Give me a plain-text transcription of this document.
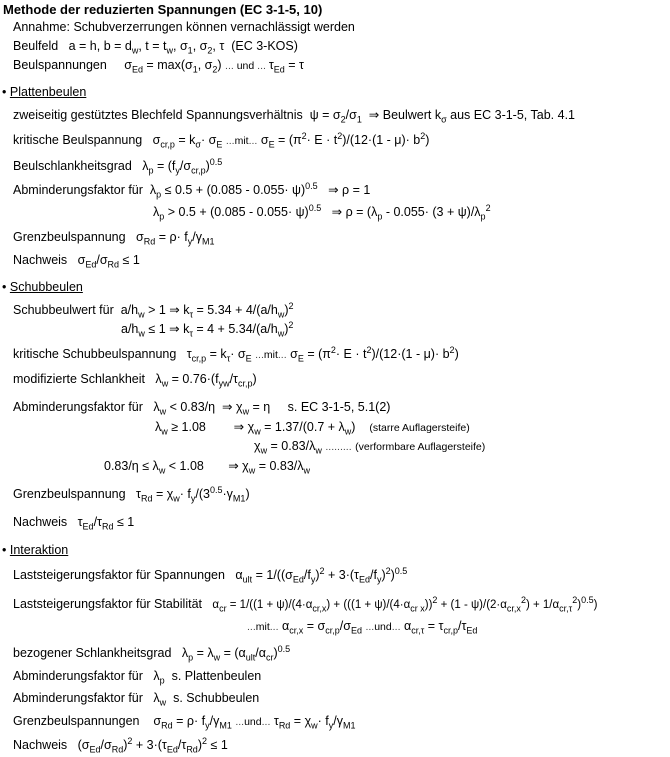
Methode der reduzierten Spannungen (EC 3-1-5, 10)
Annahme: Schubverzerrungen können vernachlässigt werden
Beulfeld a = h, $b = d_w$, $t = t_w$, $\sigma_1$, $\sigma_2$, τ (EC 3-KOS)
Beulspannungen $\sigma_{Ed} = \max(\sigma_1$, $\sigma_2$) ... und ... $\tau_{Ed} = \tau$
• Plattenbeulen
zweiseitig gestütztes Blechfeld Spannungsverhältnis  $\psi = \sigma_2/\sigma_1$ ⇒ Beulwert $k_\sigma$ aus EC 3-1-5, Tab. 4.1
kritische Beulspannung   $\sigma_{cr,p} = k_\sigma\cdot \sigma_E$ ...mit... $\sigma_E = (\pi^2\cdot E \cdot t^2)/(12\cdot(1 - \mu)\cdot b^2)$
Beulschlankheitsgrad   $\lambda_p = (f_y/\sigma_{cr,p})^{0.5}$
Abminderungsfaktor für  $\lambda_p \le 0.5 + (0.085 - 0.055\cdot \psi)^{0.5}$   ⇒ ρ = 1
$\lambda_p > 0.5 + (0.085 - 0.055\cdot \psi)^{0.5}$   ⇒ $\rho = (\lambda_p - 0.055\cdot (3 + \psi)/\lambda_p^2$
Grenzbeulspannung   $\sigma_{Rd} = \rho\cdot f_y/\gamma_{M1}$
Nachweis   $\sigma_{Ed}/\sigma_{Rd} \le 1$
• Schubbeulen
Schubbeulwert für  $a/h_w > 1$ ⇒ $k_\tau = 5.34 + 4/(a/h_w)^2$
$a/h_w \le 1$ ⇒ $k_\tau = 4 + 5.34/(a/h_w)^2$
kritische Schubbeulspannung   $\tau_{cr,p} = k_\tau\cdot \sigma_E$ ...mit... $\sigma_E = (\pi^2\cdot E \cdot t^2)/(12\cdot(1 - \mu)\cdot b^2)$
modifizierte Schlankheit   $\lambda_w = 0.76\cdot(f_{yw}/\tau_{cr,p})$
Abminderungsfaktor für   $\lambda_w < 0.83/\eta$  ⇒ $\chi_w = \eta$     s. EC 3-1-5, 5.1(2)
$\lambda_w \ge 1.08$        ⇒ $\chi_w = 1.37/(0.7 + \lambda_w)$    (starre Auflagersteife)
$\chi_w = 0.83/\lambda_w$ ......... (verformbare Auflagersteife)
$0.83/\eta \le \lambda_w < 1.08$       ⇒ $\chi_w = 0.83/\lambda_w$
Grenzbeulspannung   $\tau_{Rd} = \chi_w\cdot f_y/(3^{0.5}\cdot\gamma_{M1})$
Nachweis   $\tau_{Ed}/\tau_{Rd} \le 1$
• Interaktion
Laststeigerungsfaktor für Spannungen   $\alpha_{ult} = 1/((\sigma_{Ed}/f_y)^2 + 3\cdot(\tau_{Ed}/f_y)^2)^{0.5}$
Laststeigerungsfaktor für Stabilität $\alpha_{cr} = 1/((1 + \psi)/(4\cdot\alpha_{cr,x}) + (((1 + \psi)/(4\cdot\alpha_{cr x}))^2 + (1 - \psi)/(2\cdot\alpha_{cr,x}^2) + 1/\alpha_{cr,\tau}^2)^{0.5})$
...mit... $\alpha_{cr,x} = \sigma_{cr,p}/\sigma_{Ed}$ ...und... $\alpha_{cr,\tau} = \tau_{cr,p}/\tau_{Ed}$
bezogener Schlankheitsgrad   $\lambda_p = \lambda_w = (\alpha_{ult}/\alpha_{cr})^{0.5}$
Abminderungsfaktor für   $\lambda_p$ s. Plattenbeulen
Abminderungsfaktor für   $\lambda_w$ s. Schubbeulen
Grenzbeulspannungen    $\sigma_{Rd} = \rho\cdot f_y/\gamma_{M1}$ ...und... $\tau_{Rd} = \chi_w\cdot f_y/\gamma_{M1}$
Nachweis   $(\sigma_{Ed}/\sigma_{Rd})^2 + 3\cdot(\tau_{Ed}/\tau_{Rd})^2 \le 1$
